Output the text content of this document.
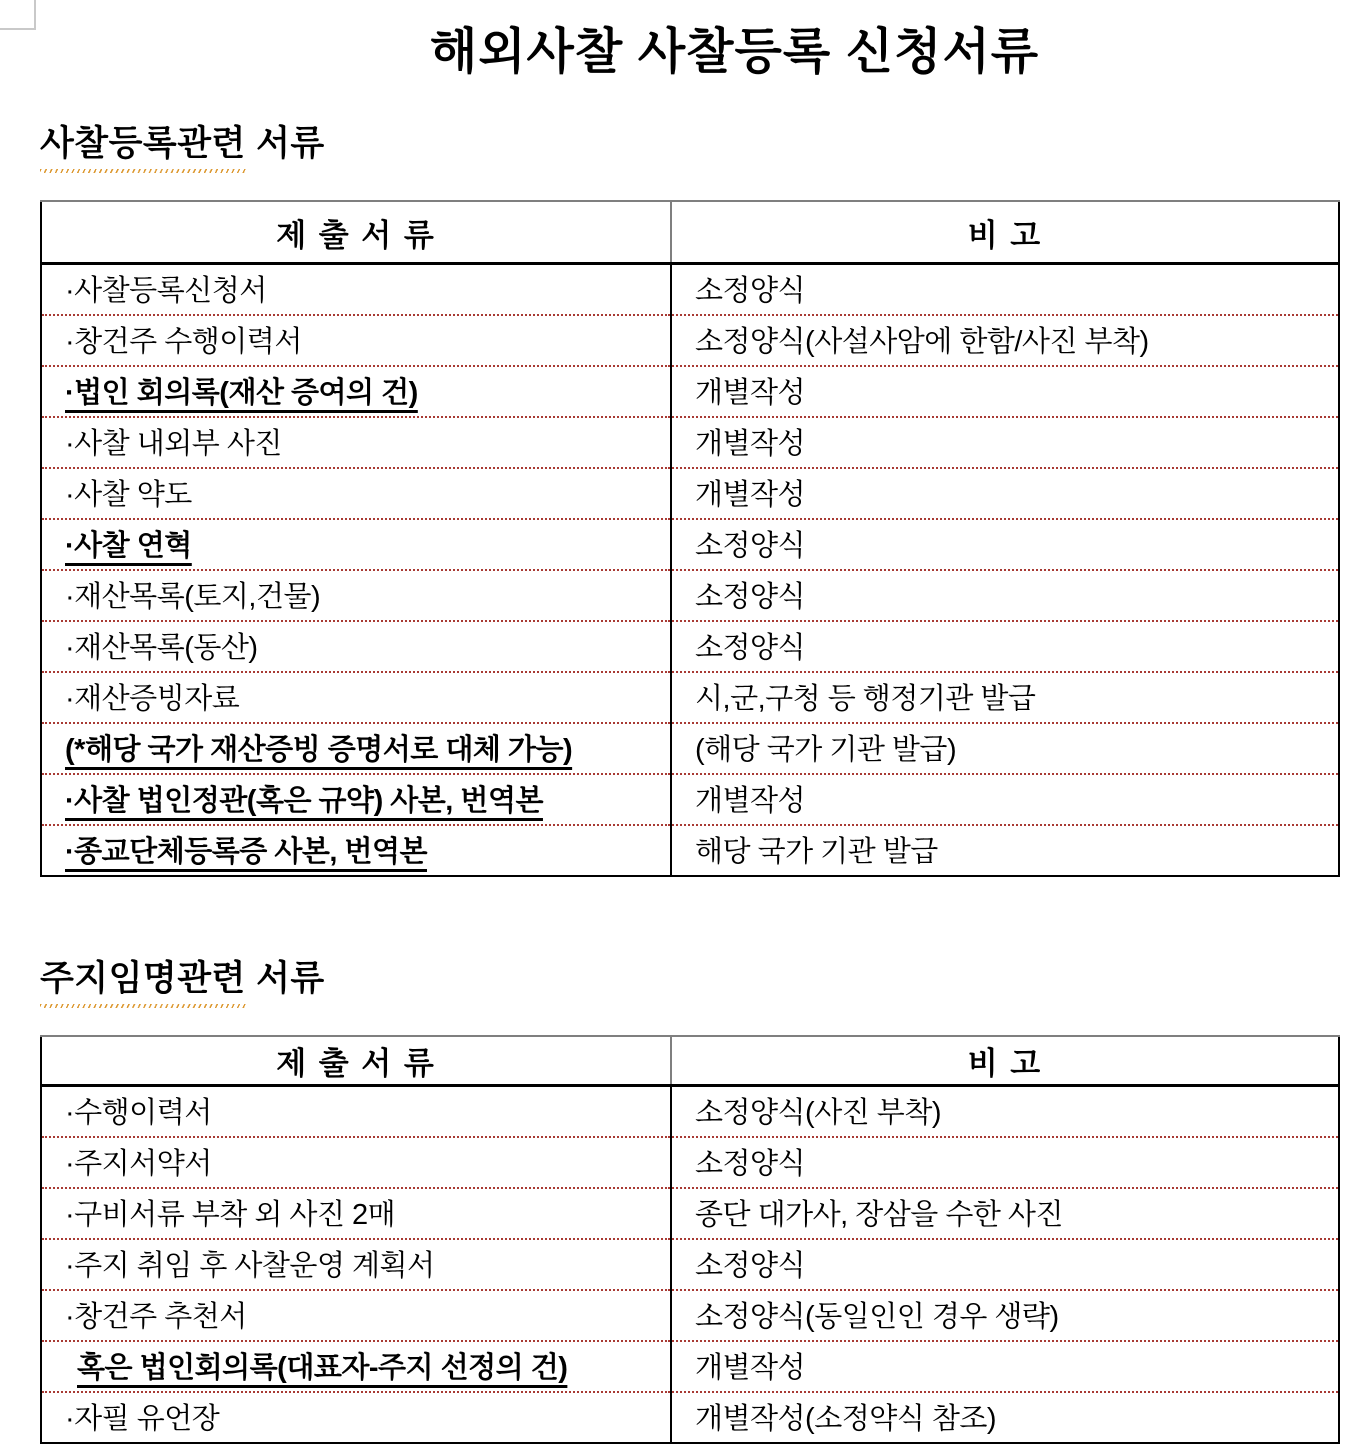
해외사찰 사찰등록 신청서류
사찰등록관련 서류
제 출 서 류	비 고
·사찰등록신청서	소정양식
·창건주 수행이력서	소정양식(사설사암에 한함/사진 부착)
·법인 회의록(재산 증여의 건)	개별작성
·사찰 내외부 사진	개별작성
·사찰 약도	개별작성
·사찰 연혁	소정양식
·재산목록(토지,건물)	소정양식
·재산목록(동산)	소정양식
·재산증빙자료	시,군,구청 등 행정기관 발급
(*해당 국가 재산증빙 증명서로 대체 가능)	(해당 국가 기관 발급)
·사찰 법인정관(혹은 규약) 사본, 번역본	개별작성
·종교단체등록증 사본, 번역본	해당 국가 기관 발급
주지임명관련 서류
제 출 서 류	비 고
·수행이력서	소정양식(사진 부착)
·주지서약서	소정양식
·구비서류 부착 외 사진 2매	종단 대가사, 장삼을 수한 사진
·주지 취임 후 사찰운영 계획서	소정양식
·창건주 추천서	소정양식(동일인인 경우 생략)
혹은 법인회의록(대표자-주지 선정의 건)	개별작성
·자필 유언장	개별작성(소정약식 참조)
